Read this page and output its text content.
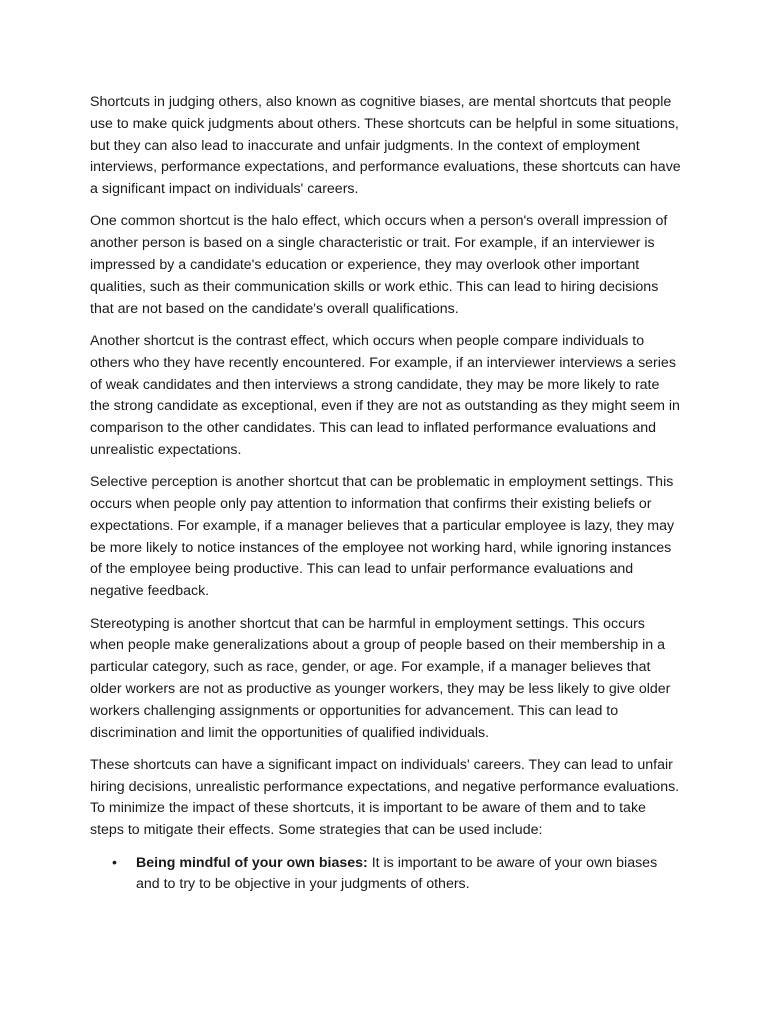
Shortcuts in judging others, also known as cognitive biases, are mental shortcuts that people use to make quick judgments about others. These shortcuts can be helpful in some situations, but they can also lead to inaccurate and unfair judgments. In the context of employment interviews, performance expectations, and performance evaluations, these shortcuts can have a significant impact on individuals' careers.

One common shortcut is the halo effect, which occurs when a person's overall impression of another person is based on a single characteristic or trait. For example, if an interviewer is impressed by a candidate's education or experience, they may overlook other important qualities, such as their communication skills or work ethic. This can lead to hiring decisions that are not based on the candidate's overall qualifications.

Another shortcut is the contrast effect, which occurs when people compare individuals to others who they have recently encountered. For example, if an interviewer interviews a series of weak candidates and then interviews a strong candidate, they may be more likely to rate the strong candidate as exceptional, even if they are not as outstanding as they might seem in comparison to the other candidates. This can lead to inflated performance evaluations and unrealistic expectations.

Selective perception is another shortcut that can be problematic in employment settings. This occurs when people only pay attention to information that confirms their existing beliefs or expectations. For example, if a manager believes that a particular employee is lazy, they may be more likely to notice instances of the employee not working hard, while ignoring instances of the employee being productive. This can lead to unfair performance evaluations and negative feedback.

Stereotyping is another shortcut that can be harmful in employment settings. This occurs when people make generalizations about a group of people based on their membership in a particular category, such as race, gender, or age. For example, if a manager believes that older workers are not as productive as younger workers, they may be less likely to give older workers challenging assignments or opportunities for advancement. This can lead to discrimination and limit the opportunities of qualified individuals.

These shortcuts can have a significant impact on individuals' careers. They can lead to unfair hiring decisions, unrealistic performance expectations, and negative performance evaluations. To minimize the impact of these shortcuts, it is important to be aware of them and to take steps to mitigate their effects. Some strategies that can be used include:

• Being mindful of your own biases: It is important to be aware of your own biases and to try to be objective in your judgments of others.
